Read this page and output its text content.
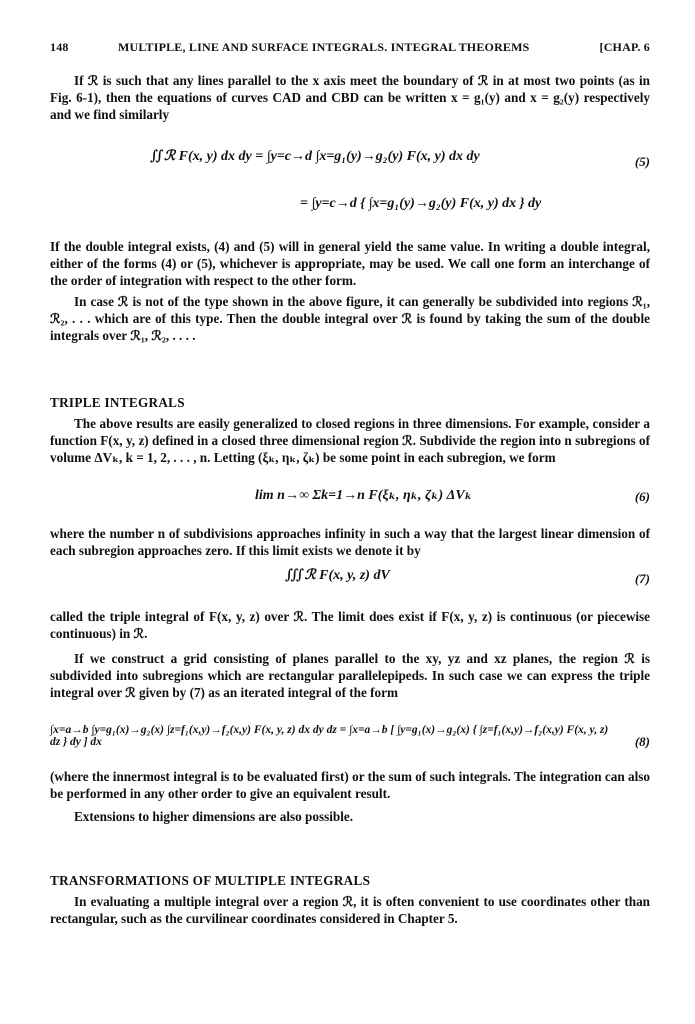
148	MULTIPLE, LINE AND SURFACE INTEGRALS. INTEGRAL THEOREMS	[CHAP. 6

If ℛ is such that any lines parallel to the x axis meet the boundary of ℛ in at most two points (as in Fig. 6-1), then the equations of curves CAD and CBD can be written x = g₁(y) and x = g₂(y) respectively and we find similarly

∬ℛ F(x, y) dx dy = ∫y=c→d ∫x=g₁(y)→g₂(y) F(x, y) dx dy	(5)
= ∫y=c→d { ∫x=g₁(y)→g₂(y) F(x, y) dx } dy

If the double integral exists, (4) and (5) will in general yield the same value. In writing a double integral, either of the forms (4) or (5), whichever is appropriate, may be used. We call one form an interchange of the order of integration with respect to the other form.

In case ℛ is not of the type shown in the above figure, it can generally be subdivided into regions ℛ₁, ℛ₂, . . . which are of this type. Then the double integral over ℛ is found by taking the sum of the double integrals over ℛ₁, ℛ₂, . . . .

TRIPLE INTEGRALS

The above results are easily generalized to closed regions in three dimensions. For example, consider a function F(x, y, z) defined in a closed three dimensional region ℛ. Subdivide the region into n subregions of volume ΔVₖ, k = 1, 2, . . . , n. Letting (ξₖ, ηₖ, ζₖ) be some point in each subregion, we form

lim n→∞ Σk=1→n F(ξₖ, ηₖ, ζₖ) ΔVₖ	(6)

where the number n of subdivisions approaches infinity in such a way that the largest linear dimension of each subregion approaches zero. If this limit exists we denote it by

∭ℛ F(x, y, z) dV	(7)

called the triple integral of F(x, y, z) over ℛ. The limit does exist if F(x, y, z) is continuous (or piecewise continuous) in ℛ.

If we construct a grid consisting of planes parallel to the xy, yz and xz planes, the region ℛ is subdivided into subregions which are rectangular parallelepipeds. In such case we can express the triple integral over ℛ given by (7) as an iterated integral of the form

∫x=a→b ∫y=g₁(x)→g₂(x) ∫z=f₁(x,y)→f₂(x,y) F(x, y, z) dx dy dz = ∫x=a→b [ ∫y=g₁(x)→g₂(x) { ∫z=f₁(x,y)→f₂(x,y) F(x, y, z) dz } dy ] dx	(8)

(where the innermost integral is to be evaluated first) or the sum of such integrals. The integration can also be performed in any other order to give an equivalent result.

Extensions to higher dimensions are also possible.

TRANSFORMATIONS OF MULTIPLE INTEGRALS

In evaluating a multiple integral over a region ℛ, it is often convenient to use coordinates other than rectangular, such as the curvilinear coordinates considered in Chapter 5.
